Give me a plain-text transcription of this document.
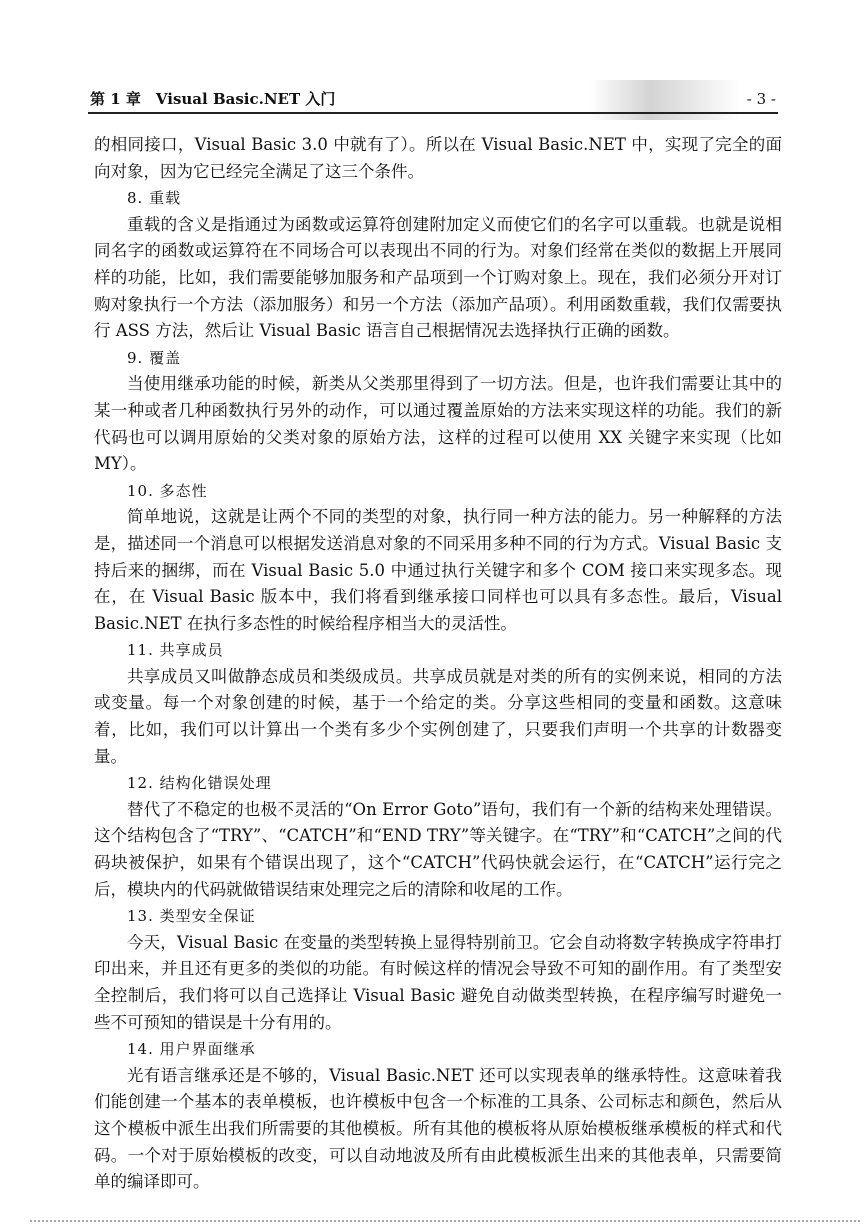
第 1 章　Visual Basic.NET 入门	- 3 -

的相同接口，Visual Basic 3.0 中就有了）。所以在 Visual Basic.NET 中，实现了完全的面向对象，因为它已经完全满足了这三个条件。

8. 重载

重载的含义是指通过为函数或运算符创建附加定义而使它们的名字可以重载。也就是说相同名字的函数或运算符在不同场合可以表现出不同的行为。对象们经常在类似的数据上开展同样的功能，比如，我们需要能够加服务和产品项到一个订购对象上。现在，我们必须分开对订购对象执行一个方法（添加服务）和另一个方法（添加产品项）。利用函数重载，我们仅需要执行 ASS 方法，然后让 Visual Basic 语言自己根据情况去选择执行正确的函数。

9. 覆盖

当使用继承功能的时候，新类从父类那里得到了一切方法。但是，也许我们需要让其中的某一种或者几种函数执行另外的动作，可以通过覆盖原始的方法来实现这样的功能。我们的新代码也可以调用原始的父类对象的原始方法，这样的过程可以使用 XX 关键字来实现（比如 MY）。

10. 多态性

简单地说，这就是让两个不同的类型的对象，执行同一种方法的能力。另一种解释的方法是，描述同一个消息可以根据发送消息对象的不同采用多种不同的行为方式。Visual Basic 支持后来的捆绑，而在 Visual Basic 5.0 中通过执行关键字和多个 COM 接口来实现多态。现在，在 Visual Basic 版本中，我们将看到继承接口同样也可以具有多态性。最后，Visual Basic.NET 在执行多态性的时候给程序相当大的灵活性。

11. 共享成员

共享成员又叫做静态成员和类级成员。共享成员就是对类的所有的实例来说，相同的方法或变量。每一个对象创建的时候，基于一个给定的类。分享这些相同的变量和函数。这意味着，比如，我们可以计算出一个类有多少个实例创建了，只要我们声明一个共享的计数器变量。

12. 结构化错误处理

替代了不稳定的也极不灵活的“On Error Goto”语句，我们有一个新的结构来处理错误。这个结构包含了“TRY”、“CATCH”和“END TRY”等关键字。在“TRY”和“CATCH”之间的代码块被保护，如果有个错误出现了，这个“CATCH”代码快就会运行，在“CATCH”运行完之后，模块内的代码就做错误结束处理完之后的清除和收尾的工作。

13. 类型安全保证

今天，Visual Basic 在变量的类型转换上显得特别前卫。它会自动将数字转换成字符串打印出来，并且还有更多的类似的功能。有时候这样的情况会导致不可知的副作用。有了类型安全控制后，我们将可以自己选择让 Visual Basic 避免自动做类型转换，在程序编写时避免一些不可预知的错误是十分有用的。

14. 用户界面继承

光有语言继承还是不够的，Visual Basic.NET 还可以实现表单的继承特性。这意味着我们能创建一个基本的表单模板，也许模板中包含一个标准的工具条、公司标志和颜色，然后从这个模板中派生出我们所需要的其他模板。所有其他的模板将从原始模板继承模板的样式和代码。一个对于原始模板的改变，可以自动地波及所有由此模板派生出来的其他表单，只需要简单的编译即可。
